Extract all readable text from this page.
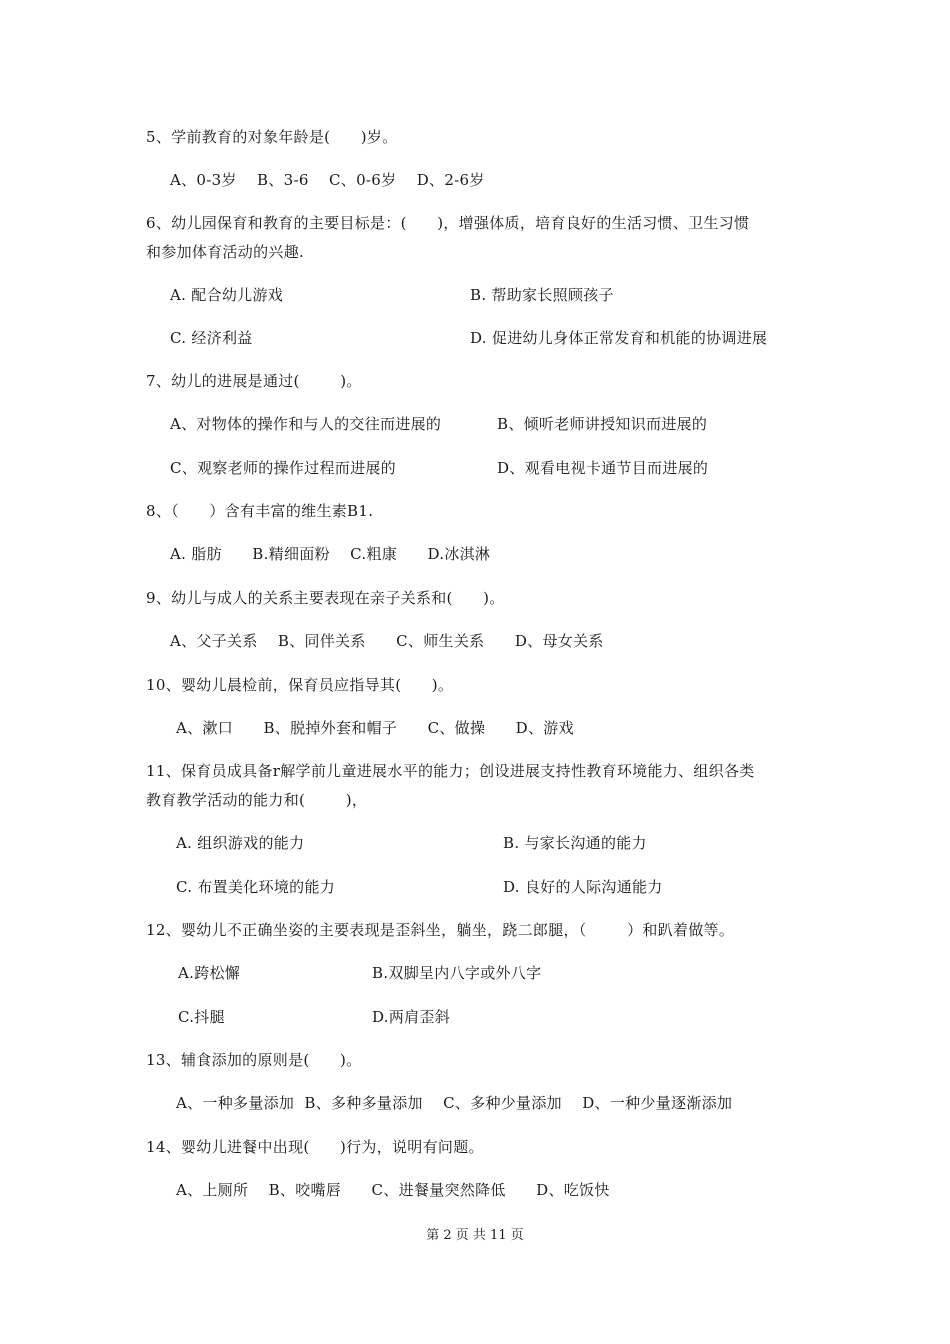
5、学前教育的对象年龄是(      )岁。
A、0-3岁    B、3-6    C、0-6岁    D、2-6岁
6、幼儿园保育和教育的主要目标是：(      )，增强体质，培育良好的生活习惯、卫生习惯
和参加体育活动的兴趣.
A. 配合幼儿游戏	B. 帮助家长照顾孩子
C. 经济利益	D. 促进幼儿身体正常发育和机能的协调进展
7、幼儿的进展是通过(        )。
A、对物体的操作和与人的交往而进展的	B、倾听老师讲授知识而进展的
C、观察老师的操作过程而进展的	D、观看电视卡通节目而进展的
8、（      ）含有丰富的维生素B1.
A. 脂肪      B.精细面粉    C.粗康      D.冰淇淋
9、幼儿与成人的关系主要表现在亲子关系和(      )。
A、父子关系    B、同伴关系      C、师生关系      D、母女关系
10、婴幼儿晨检前，保育员应指导其(      )。
A、漱口      B、脱掉外套和帽子      C、做操      D、游戏
11、保育员成具备r解学前儿童进展水平的能力；创设进展支持性教育环境能力、组织各类
教育教学活动的能力和(        )，
A. 组织游戏的能力	B. 与家长沟通的能力
C. 布置美化环境的能力	D. 良好的人际沟通能力
12、婴幼儿不正确坐姿的主要表现是歪斜坐，躺坐，跷二郎腿，（        ）和趴着做等。
A.跨松懈	B.双脚呈内八字或外八字
C.抖腿	D.两肩歪斜
13、辅食添加的原则是(      )。
A、一种多量添加  B、多种多量添加    C、多种少量添加    D、一种少量逐渐添加
14、婴幼儿进餐中出现(      )行为，说明有问题。
A、上厕所    B、咬嘴唇      C、进餐量突然降低      D、吃饭快
第 2 页 共 11 页
